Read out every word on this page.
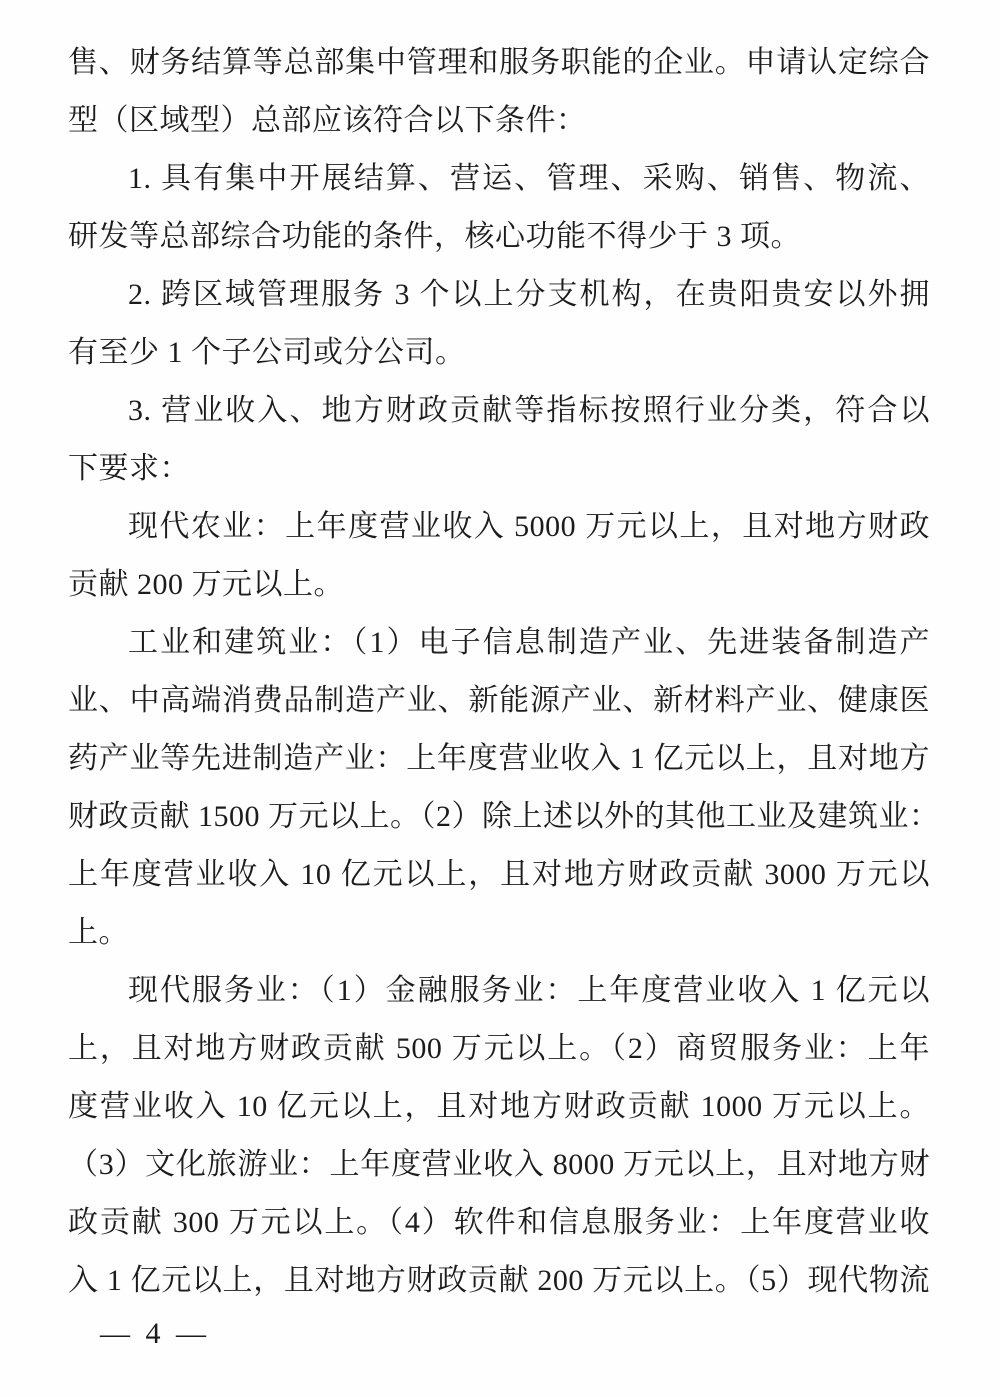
售、财务结算等总部集中管理和服务职能的企业。申请认定综合
型（区域型）总部应该符合以下条件：
1. 具有集中开展结算、营运、管理、采购、销售、物流、
研发等总部综合功能的条件，核心功能不得少于 3 项。
2. 跨区域管理服务 3 个以上分支机构，在贵阳贵安以外拥
有至少 1 个子公司或分公司。
3. 营业收入、地方财政贡献等指标按照行业分类，符合以
下要求：
现代农业：上年度营业收入 5000 万元以上，且对地方财政
贡献 200 万元以上。
工业和建筑业：（1）电子信息制造产业、先进装备制造产
业、中高端消费品制造产业、新能源产业、新材料产业、健康医
药产业等先进制造产业：上年度营业收入 1 亿元以上，且对地方
财政贡献 1500 万元以上。（2）除上述以外的其他工业及建筑业：
上年度营业收入 10 亿元以上，且对地方财政贡献 3000 万元以
上。
现代服务业：（1）金融服务业：上年度营业收入 1 亿元以
上，且对地方财政贡献 500 万元以上。（2）商贸服务业：上年
度营业收入 10 亿元以上，且对地方财政贡献 1000 万元以上。
（3）文化旅游业：上年度营业收入 8000 万元以上，且对地方财
政贡献 300 万元以上。（4）软件和信息服务业：上年度营业收
入 1 亿元以上，且对地方财政贡献 200 万元以上。（5）现代物流
— 4 —
